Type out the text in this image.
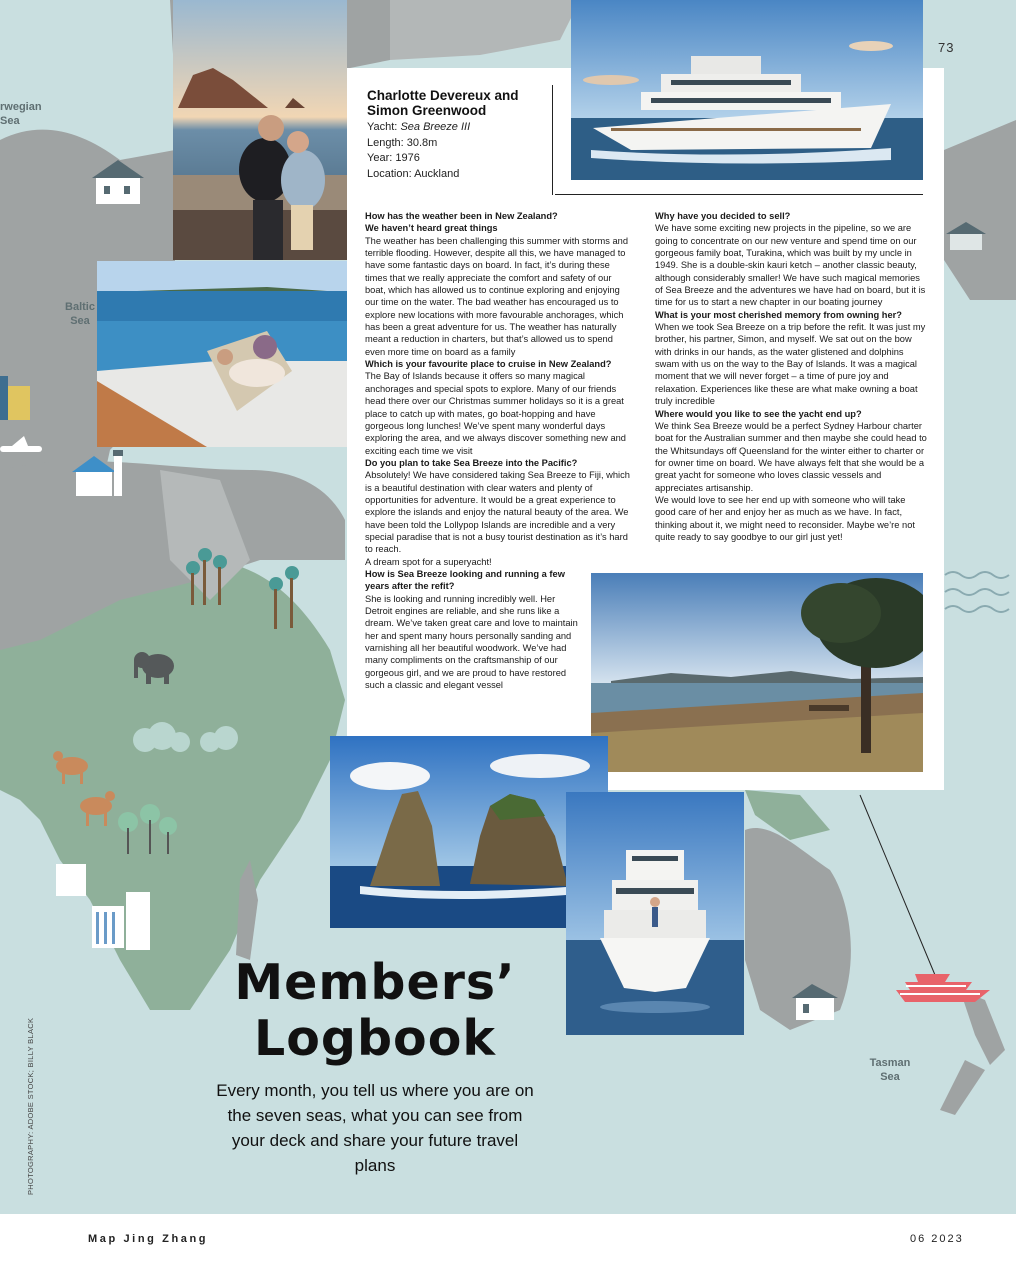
rwegian
Sea
Baltic
Sea
Tasman
Sea
73
Charlotte Devereux and Simon Greenwood
Yacht: Sea Breeze III
Length: 30.8m
Year: 1976
Location: Auckland

How has the weather been in New Zealand?

We haven’t heard great things

The weather has been challenging this summer with storms and terrible flooding. However, despite all this, we have managed to have some fantastic days on board. In fact, it’s during these times that we really appreciate the comfort and safety of our boat, which has allowed us to continue exploring and enjoying our time on the water. The bad weather has encouraged us to explore new locations with more favourable anchorages, which has been a great adventure for us. The weather has naturally meant a reduction in charters, but that’s allowed us to spend even more time on board as a family

Which is your favourite place to cruise in New Zealand?

The Bay of Islands because it offers so many magical anchorages and special spots to explore. Many of our friends head there over our Christmas summer holidays so it is a great place to catch up with mates, go boat-hopping and have gorgeous long lunches! We’ve spent many wonderful days exploring the area, and we always discover something new and exciting each time we visit

Do you plan to take Sea Breeze into the Pacific?

Absolutely! We have considered taking Sea Breeze to Fiji, which is a beautiful destination with clear waters and plenty of opportunities for adventure. It would be a great experience to explore the islands and enjoy the natural beauty of the area. We have been told the Lollypop Islands are incredible and a very special paradise that is not a busy tourist destination as it’s hard to reach.

A dream spot for a superyacht!

How is Sea Breeze looking and running a few years after the refit?

She is looking and running incredibly well. Her Detroit engines are reliable, and she runs like a dream. We’ve taken great care and love to maintain her and spent many hours personally sanding and varnishing all her beautiful woodwork. We’ve had many compliments on the craftsmanship of our gorgeous girl, and we are proud to have restored such a classic and elegant vessel

Why have you decided to sell?

We have some exciting new projects in the pipeline, so we are going to concentrate on our new venture and spend time on our gorgeous family boat, Turakina, which was built by my uncle in 1949. She is a double-skin kauri ketch – another classic beauty, although considerably smaller! We have such magical memories of Sea Breeze and the adventures we have had on board, but it is time for us to start a new chapter in our boating journey

What is your most cherished memory from owning her?

When we took Sea Breeze on a trip before the refit. It was just my brother, his partner, Simon, and myself. We sat out on the bow with drinks in our hands, as the water glistened and dolphins swam with us on the way to the Bay of Islands. It was a magical moment that we will never forget – a time of pure joy and relaxation. Experiences like these are what make owning a boat truly incredible

Where would you like to see the yacht end up?

We think Sea Breeze would be a perfect Sydney Harbour charter boat for the Australian summer and then maybe she could head to the Whitsundays off Queensland for the winter either to charter or for owner time on board. We have always felt that she would be a great yacht for someone who loves classic vessels and appreciates artisanship.

We would love to see her end up with someone who will take good care of her and enjoy her as much as we have. In fact, thinking about it, we might need to reconsider. Maybe we’re not quite ready to say goodbye to our girl just yet!

Members’ Logbook
Every month, you tell us where you are on the seven seas, what you can see from your deck and share your future travel plans
PHOTOGRAPHY: ADOBE STOCK; BILLY BLACK
Map Jing Zhang	06 2023
